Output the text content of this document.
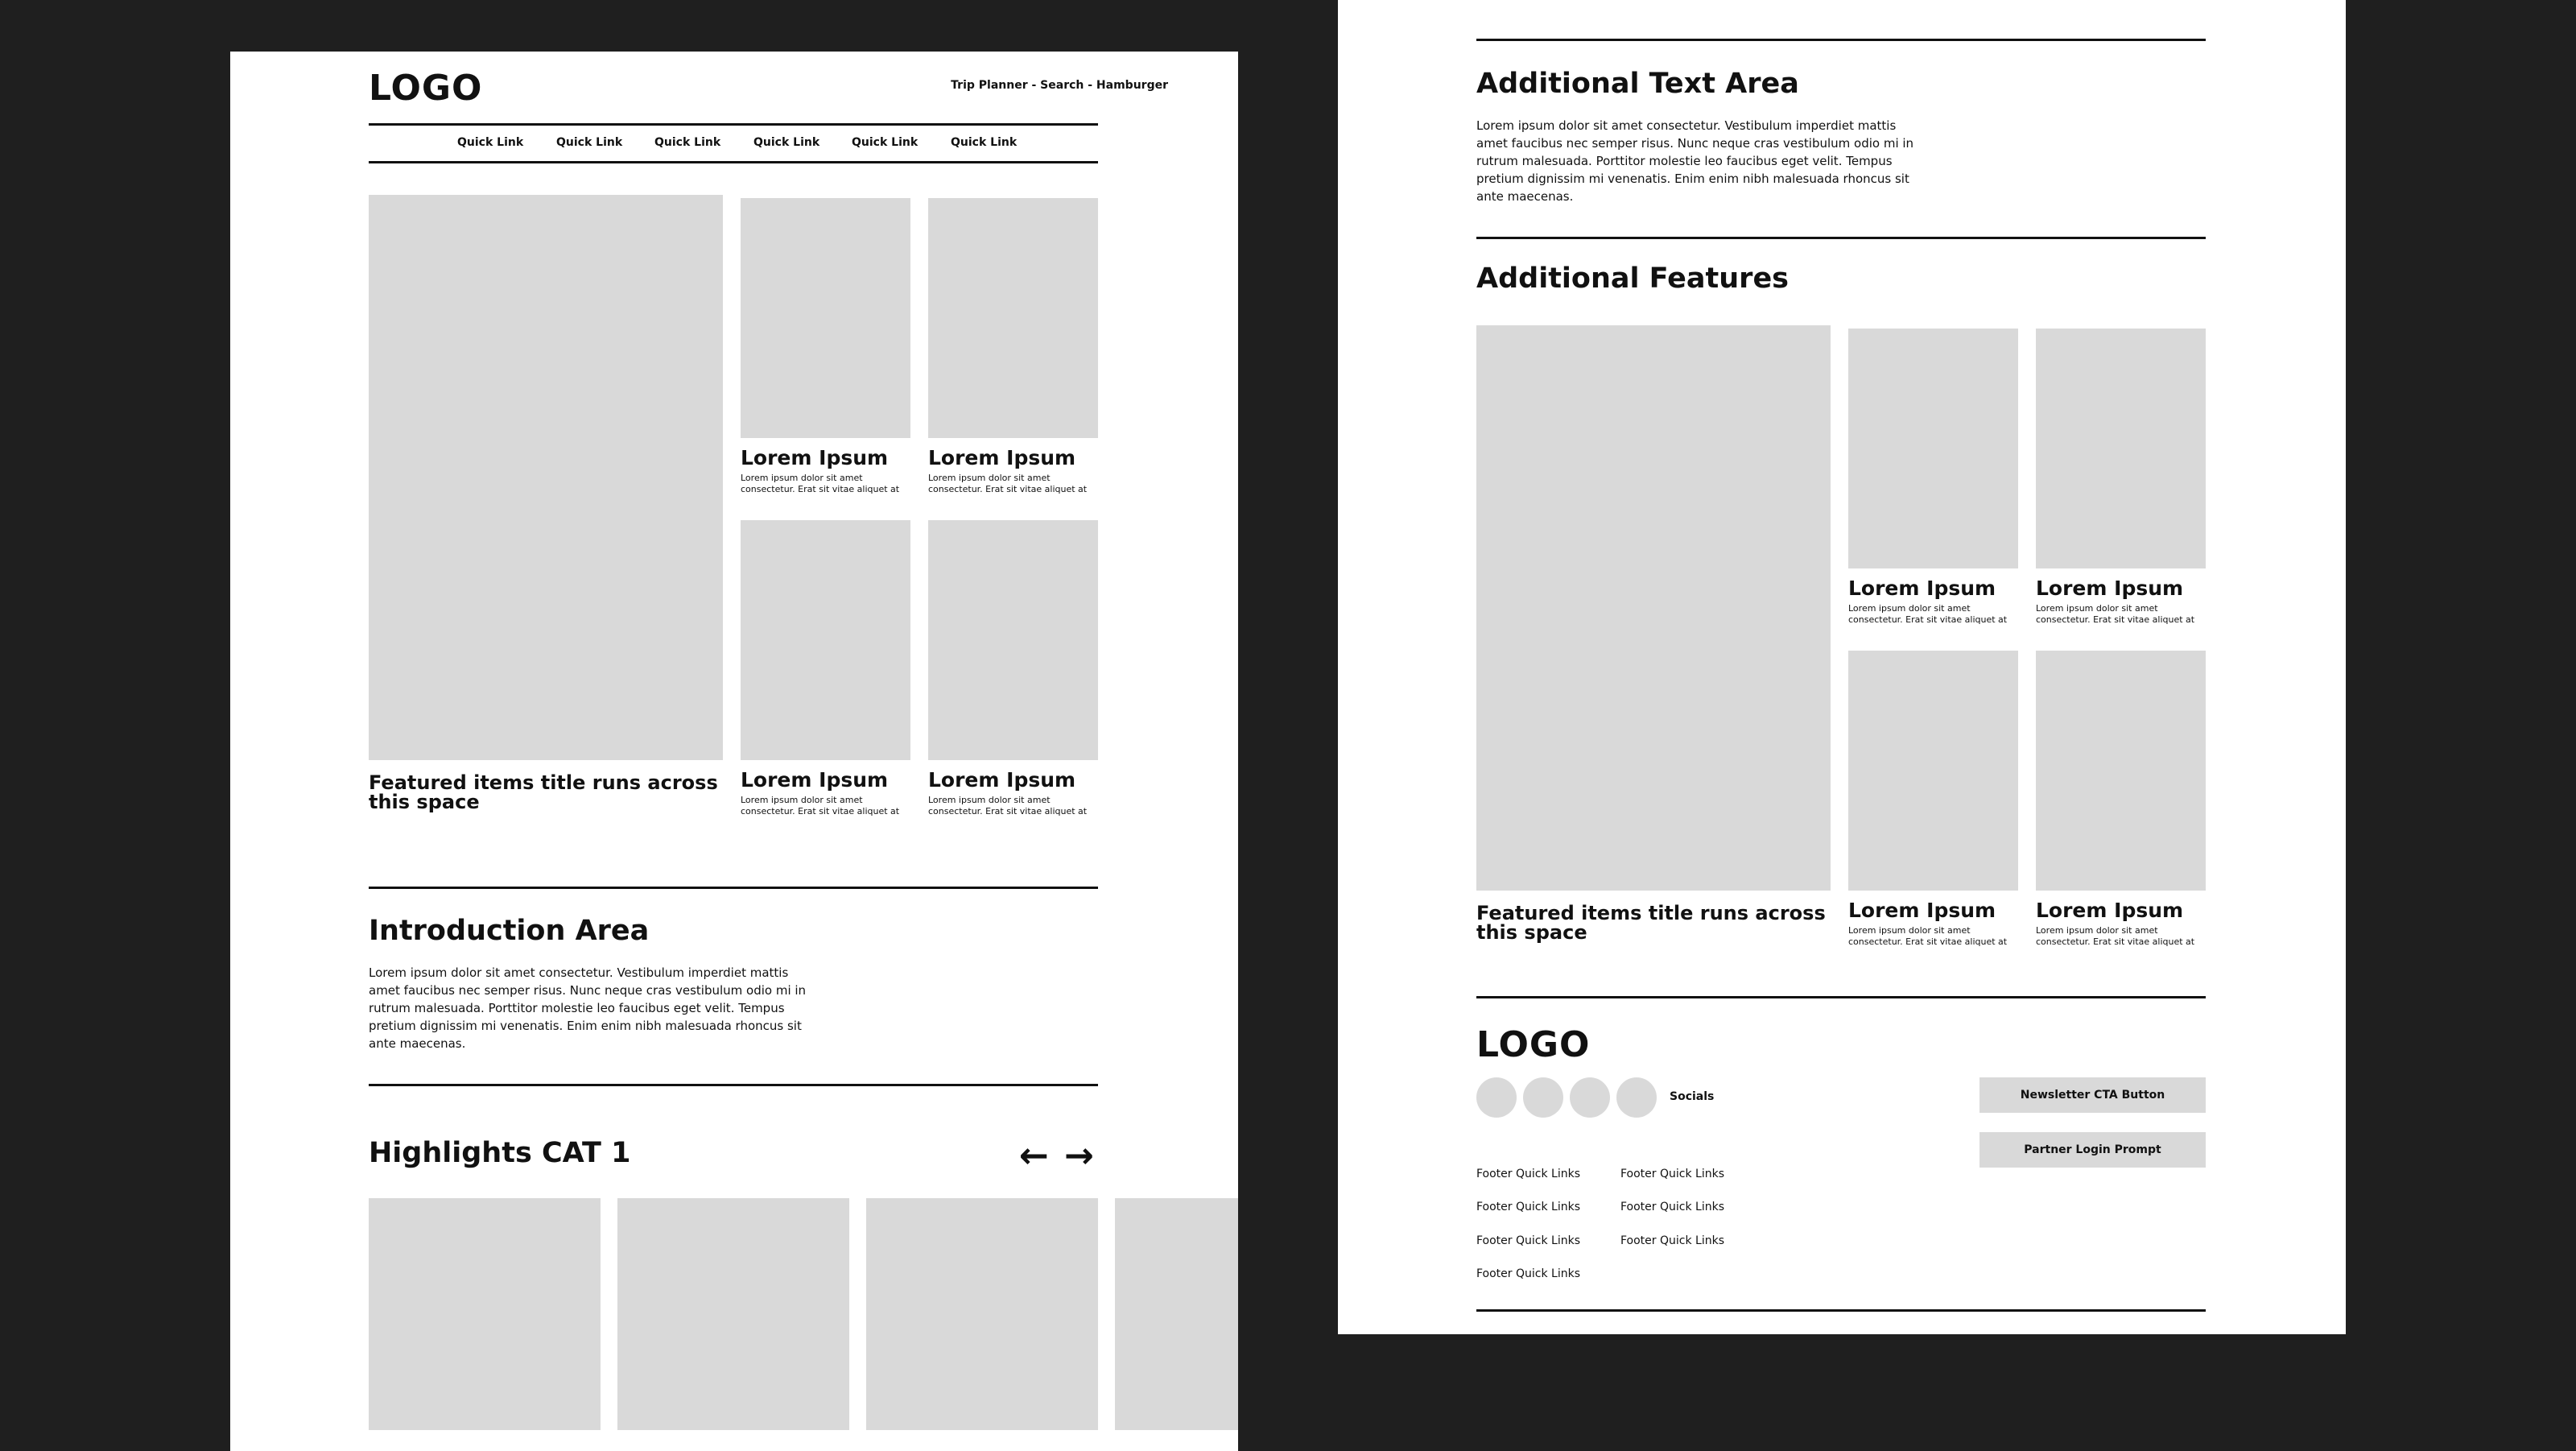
LOGO	Trip Planner - Search - Hamburger
Quick Link	Quick Link	Quick Link	Quick Link	Quick Link	Quick Link
Featured items title runs across this space
Lorem Ipsum
Lorem ipsum dolor sit amet consectetur. Erat sit vitae aliquet at
Lorem Ipsum
Lorem ipsum dolor sit amet consectetur. Erat sit vitae aliquet at
Lorem Ipsum
Lorem ipsum dolor sit amet consectetur. Erat sit vitae aliquet at
Lorem Ipsum
Lorem ipsum dolor sit amet consectetur. Erat sit vitae aliquet at
Introduction Area
Lorem ipsum dolor sit amet consectetur. Vestibulum imperdiet mattis amet faucibus nec semper risus. Nunc neque cras vestibulum odio mi in rutrum malesuada. Porttitor molestie leo faucibus eget velit. Tempus pretium dignissim mi venenatis. Enim enim nibh malesuada rhoncus sit ante maecenas.
Highlights CAT 1	← →
Additional Text Area
Lorem ipsum dolor sit amet consectetur. Vestibulum imperdiet mattis amet faucibus nec semper risus. Nunc neque cras vestibulum odio mi in rutrum malesuada. Porttitor molestie leo faucibus eget velit. Tempus pretium dignissim mi venenatis. Enim enim nibh malesuada rhoncus sit ante maecenas.
Additional Features
Featured items title runs across this space
Lorem Ipsum
Lorem ipsum dolor sit amet consectetur. Erat sit vitae aliquet at
Lorem Ipsum
Lorem ipsum dolor sit amet consectetur. Erat sit vitae aliquet at
Lorem Ipsum
Lorem ipsum dolor sit amet consectetur. Erat sit vitae aliquet at
Lorem Ipsum
Lorem ipsum dolor sit amet consectetur. Erat sit vitae aliquet at
LOGO
Socials	Newsletter CTA Button
Partner Login Prompt
Footer Quick Links
Footer Quick Links
Footer Quick Links
Footer Quick Links
Footer Quick Links
Footer Quick Links
Footer Quick Links
